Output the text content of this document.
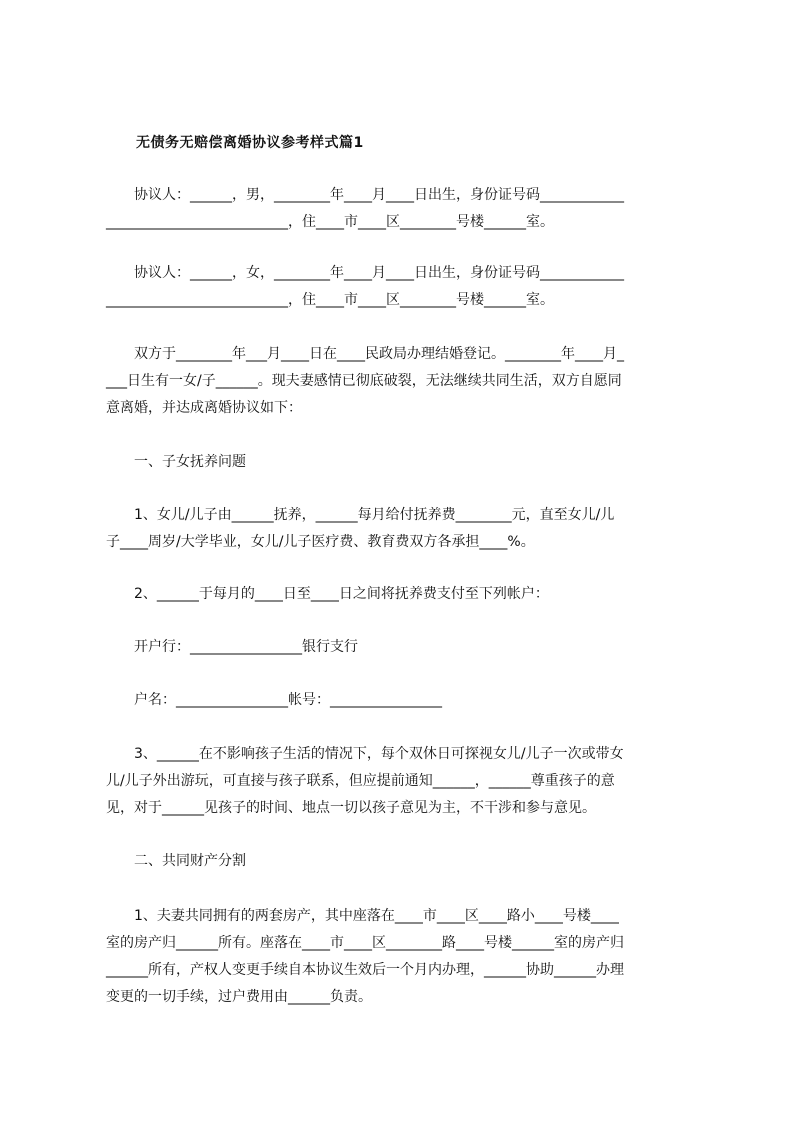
无债务无赔偿离婚协议参考样式篇1
　　协议人：______，男，________年____月____日出生，身份证号码____________
__________________________，住____市____区________号楼______室。
　　协议人：______，女，________年____月____日出生，身份证号码____________
__________________________，住____市____区________号楼______室。
　　双方于________年___月____日在____民政局办理结婚登记。________年____月_
___日生有一女/子______。现夫妻感情已彻底破裂，无法继续共同生活，双方自愿同
意离婚，并达成离婚协议如下：
　　一、子女抚养问题
　　1、女儿/儿子由______抚养，______每月给付抚养费________元，直至女儿/儿
子____周岁/大学毕业，女儿/儿子医疗费、教育费双方各承担____%。
　　2、______于每月的____日至____日之间将抚养费支付至下列帐户：
　　开户行：________________银行支行
　　户名：________________帐号：________________
　　3、______在不影响孩子生活的情况下，每个双休日可探视女儿/儿子一次或带女
儿/儿子外出游玩，可直接与孩子联系，但应提前通知______，______尊重孩子的意
见，对于______见孩子的时间、地点一切以孩子意见为主，不干涉和参与意见。
　　二、共同财产分割
　　1、夫妻共同拥有的两套房产，其中座落在____市____区____路小____号楼____
室的房产归______所有。座落在____市____区________路____号楼______室的房产归
______所有，产权人变更手续自本协议生效后一个月内办理，______协助______办理
变更的一切手续，过户费用由______负责。
